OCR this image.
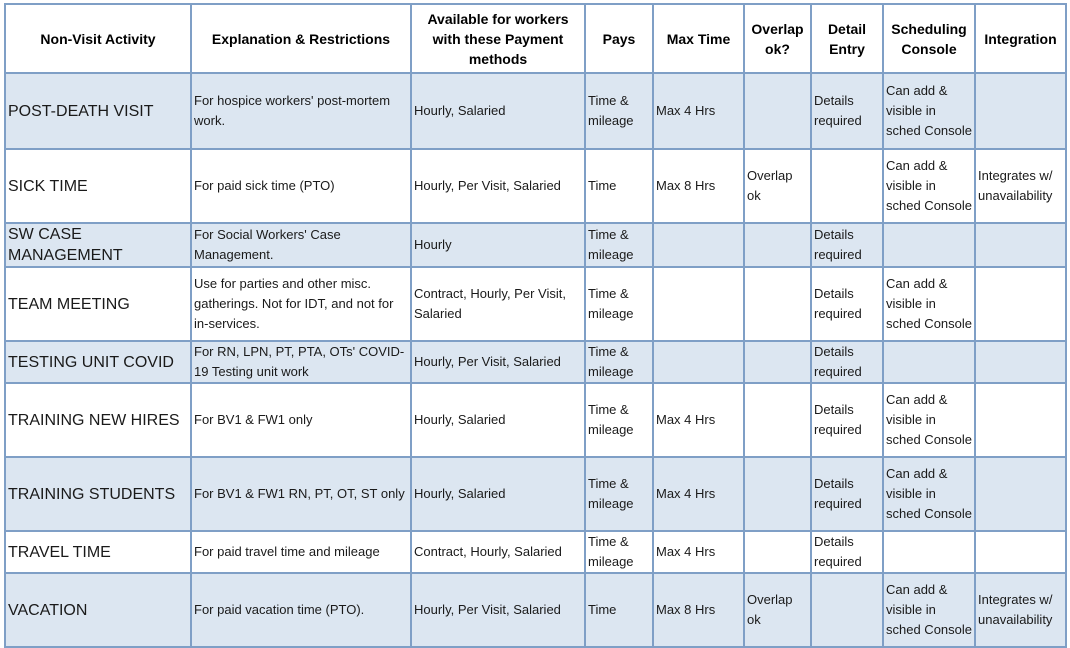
Non-Visit Activity	Explanation & Restrictions	Available for workers with these Payment methods	Pays	Max Time	Overlap ok?	Detail Entry	Scheduling Console	Integration

POST-DEATH VISIT	For hospice workers' post-mortem work.	Hourly, Salaried	Time & mileage	Max 4 Hrs		Details required	Can add & visible in sched Console	

SICK TIME	For paid sick time (PTO)	Hourly, Per Visit, Salaried	Time	Max 8 Hrs	Overlap ok		Can add & visible in sched Console	Integrates w/ unavailability

SW CASE MANAGEMENT	For Social Workers' Case Management.	Hourly	Time & mileage			Details required		

TEAM MEETING	Use for parties and other misc. gatherings. Not for IDT, and not for in-services.	Contract, Hourly, Per Visit, Salaried	Time & mileage			Details required	Can add & visible in sched Console	

TESTING UNIT COVID	For RN, LPN, PT, PTA, OTs' COVID-19 Testing unit work	Hourly, Per Visit, Salaried	Time & mileage			Details required		

TRAINING NEW HIRES	For BV1 & FW1 only	Hourly, Salaried	Time & mileage	Max 4 Hrs		Details required	Can add & visible in sched Console	

TRAINING STUDENTS	For BV1 & FW1 RN, PT, OT, ST only	Hourly, Salaried	Time & mileage	Max 4 Hrs		Details required	Can add & visible in sched Console	

TRAVEL TIME	For paid travel time and mileage	Contract, Hourly, Salaried	Time & mileage	Max 4 Hrs		Details required		

VACATION	For paid vacation time (PTO).	Hourly, Per Visit, Salaried	Time	Max 8 Hrs	Overlap ok		Can add & visible in sched Console	Integrates w/ unavailability
